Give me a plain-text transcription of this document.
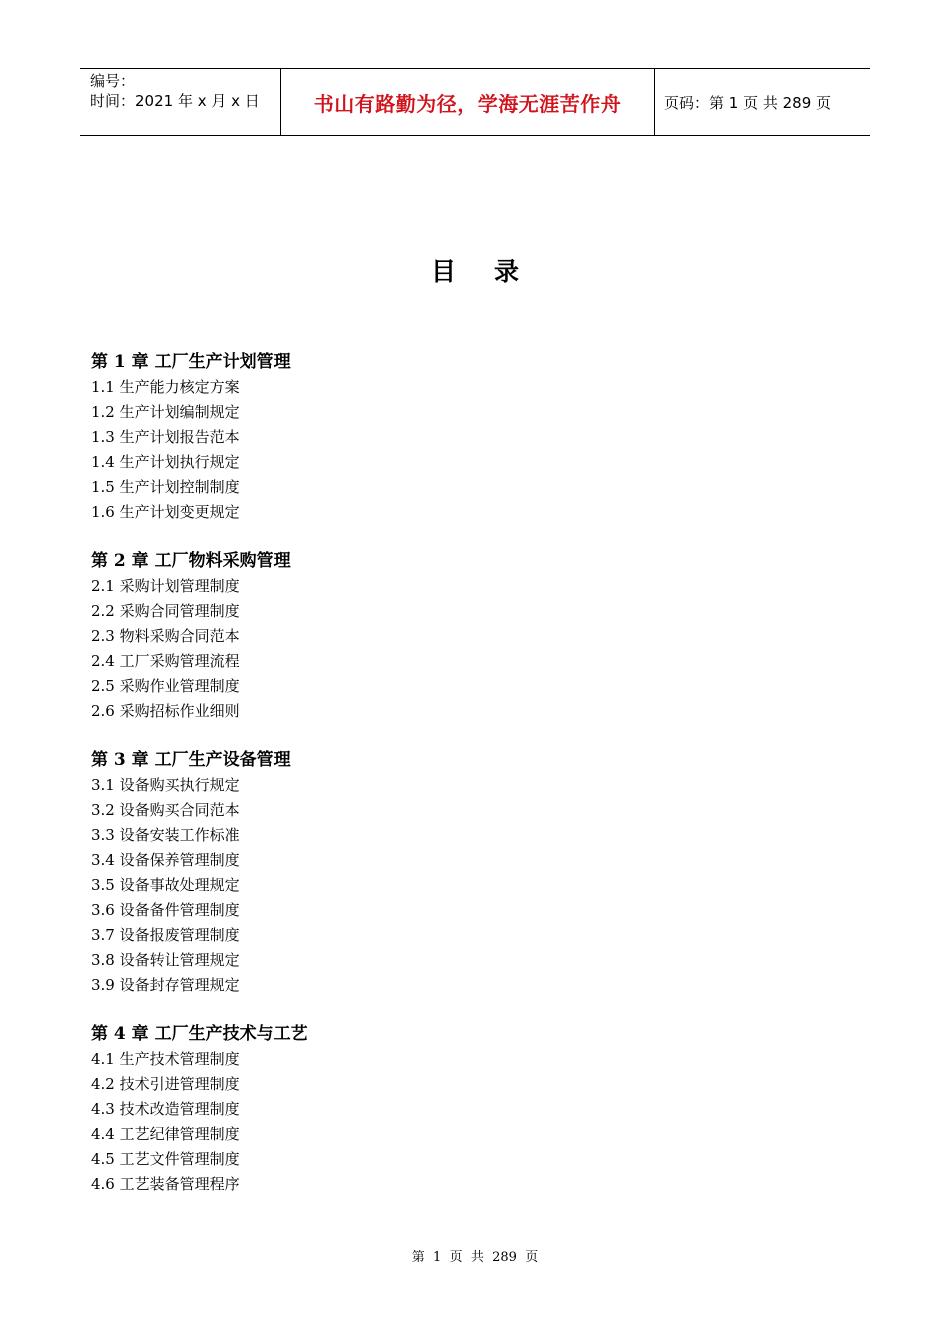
编号：
时间：2021 年 x 月 x 日	书山有路勤为径，学海无涯苦作舟	页码：第 1 页 共 289 页
目录
第 1 章 工厂生产计划管理
1.1 生产能力核定方案
1.2 生产计划编制规定
1.3 生产计划报告范本
1.4 生产计划执行规定
1.5 生产计划控制制度
1.6 生产计划变更规定
第 2 章 工厂物料采购管理
2.1 采购计划管理制度
2.2 采购合同管理制度
2.3 物料采购合同范本
2.4 工厂采购管理流程
2.5 采购作业管理制度
2.6 采购招标作业细则
第 3 章 工厂生产设备管理
3.1 设备购买执行规定
3.2 设备购买合同范本
3.3 设备安装工作标准
3.4 设备保养管理制度
3.5 设备事故处理规定
3.6 设备备件管理制度
3.7 设备报废管理制度
3.8 设备转让管理规定
3.9 设备封存管理规定
第 4 章 工厂生产技术与工艺
4.1 生产技术管理制度
4.2 技术引进管理制度
4.3 技术改造管理制度
4.4 工艺纪律管理制度
4.5 工艺文件管理制度
4.6 工艺装备管理程序
第  1  页  共  289  页
